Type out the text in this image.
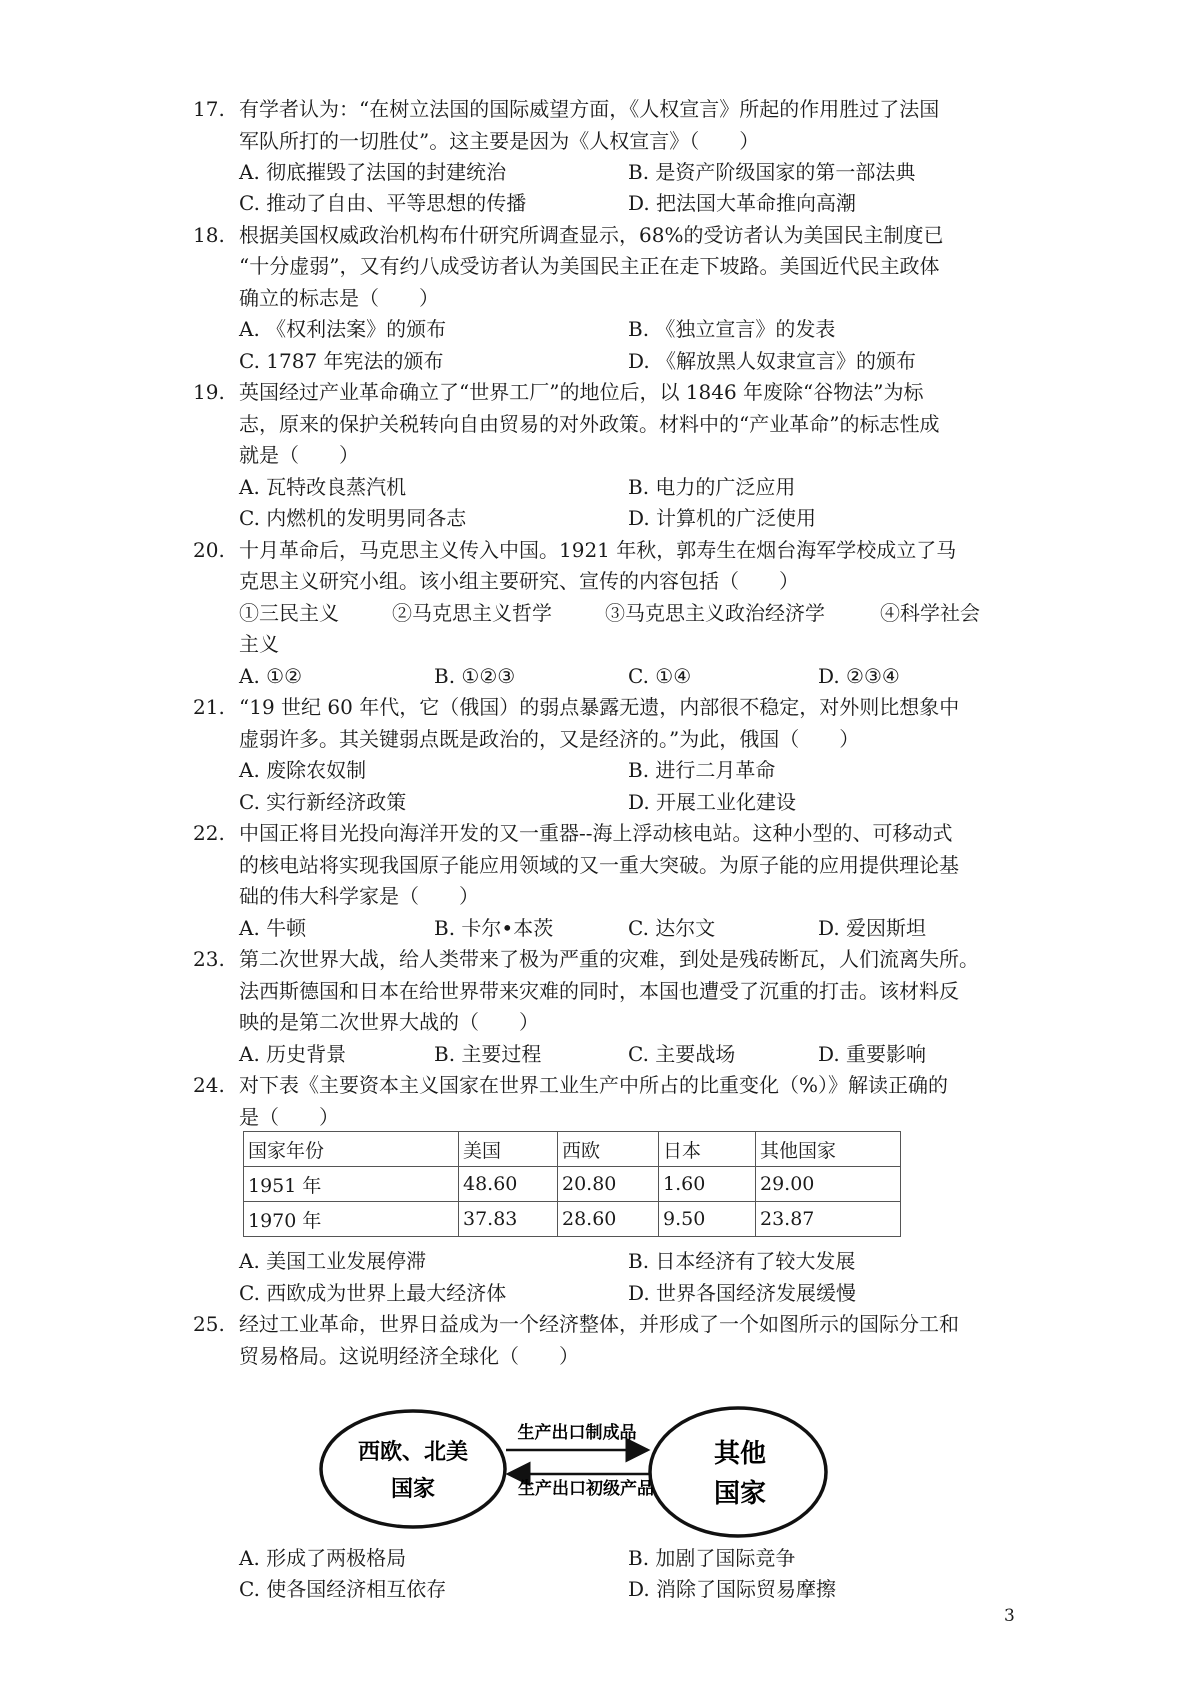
17. 有学者认为：“在树立法国的国际威望方面，《人权宣言》所起的作用胜过了法国
军队所打的一切胜仗”。这主要是因为《人权宣言》（　　）
A. 彻底摧毁了法国的封建统治	B. 是资产阶级国家的第一部法典
C. 推动了自由、平等思想的传播	D. 把法国大革命推向高潮
18. 根据美国权威政治机构布什研究所调查显示，68%的受访者认为美国民主制度已
“十分虚弱”，又有约八成受访者认为美国民主正在走下坡路。美国近代民主政体
确立的标志是（　　）
A. 《权利法案》的颁布	B. 《独立宣言》的发表
C. 1787 年宪法的颁布	D. 《解放黑人奴隶宣言》的颁布
19. 英国经过产业革命确立了“世界工厂”的地位后，以 1846 年废除“谷物法”为标
志，原来的保护关税转向自由贸易的对外政策。材料中的“产业革命”的标志性成
就是（　　）
A. 瓦特改良蒸汽机	B. 电力的广泛应用
C. 内燃机的发明男同各志	D. 计算机的广泛使用
20. 十月革命后，马克思主义传入中国。1921 年秋，郭寿生在烟台海军学校成立了马
克思主义研究小组。该小组主要研究、宣传的内容包括（　　）
①三民主义	②马克思主义哲学	③马克思主义政治经济学	④科学社会
主义
A. ①②	B. ①②③	C. ①④	D. ②③④
21. “19 世纪 60 年代，它（俄国）的弱点暴露无遗，内部很不稳定，对外则比想象中
虚弱许多。其关键弱点既是政治的，又是经济的。”为此，俄国（　　）
A. 废除农奴制	B. 进行二月革命
C. 实行新经济政策	D. 开展工业化建设
22. 中国正将目光投向海洋开发的又一重器--海上浮动核电站。这种小型的、可移动式
的核电站将实现我国原子能应用领域的又一重大突破。为原子能的应用提供理论基
础的伟大科学家是（　　）
A. 牛顿	B. 卡尔•本茨	C. 达尔文	D. 爱因斯坦
23. 第二次世界大战，给人类带来了极为严重的灾难，到处是残砖断瓦，人们流离失所。
法西斯德国和日本在给世界带来灾难的同时，本国也遭受了沉重的打击。该材料反
映的是第二次世界大战的（　　）
A. 历史背景	B. 主要过程	C. 主要战场	D. 重要影响
24. 对下表《主要资本主义国家在世界工业生产中所占的比重变化（%）》解读正确的
是（　　）
国家年份	美国	西欧	日本	其他国家
1951 年	48.60	20.80	1.60	29.00
1970 年	37.83	28.60	9.50	23.87
A. 美国工业发展停滞	B. 日本经济有了较大发展
C. 西欧成为世界上最大经济体	D. 世界各国经济发展缓慢
25. 经过工业革命，世界日益成为一个经济整体，并形成了一个如图所示的国际分工和
贸易格局。这说明经济全球化（　　）
西欧、北美
国家
其他
国家
生产出口制成品
生产出口初级产品
A. 形成了两极格局	B. 加剧了国际竞争
C. 使各国经济相互依存	D. 消除了国际贸易摩擦
3
